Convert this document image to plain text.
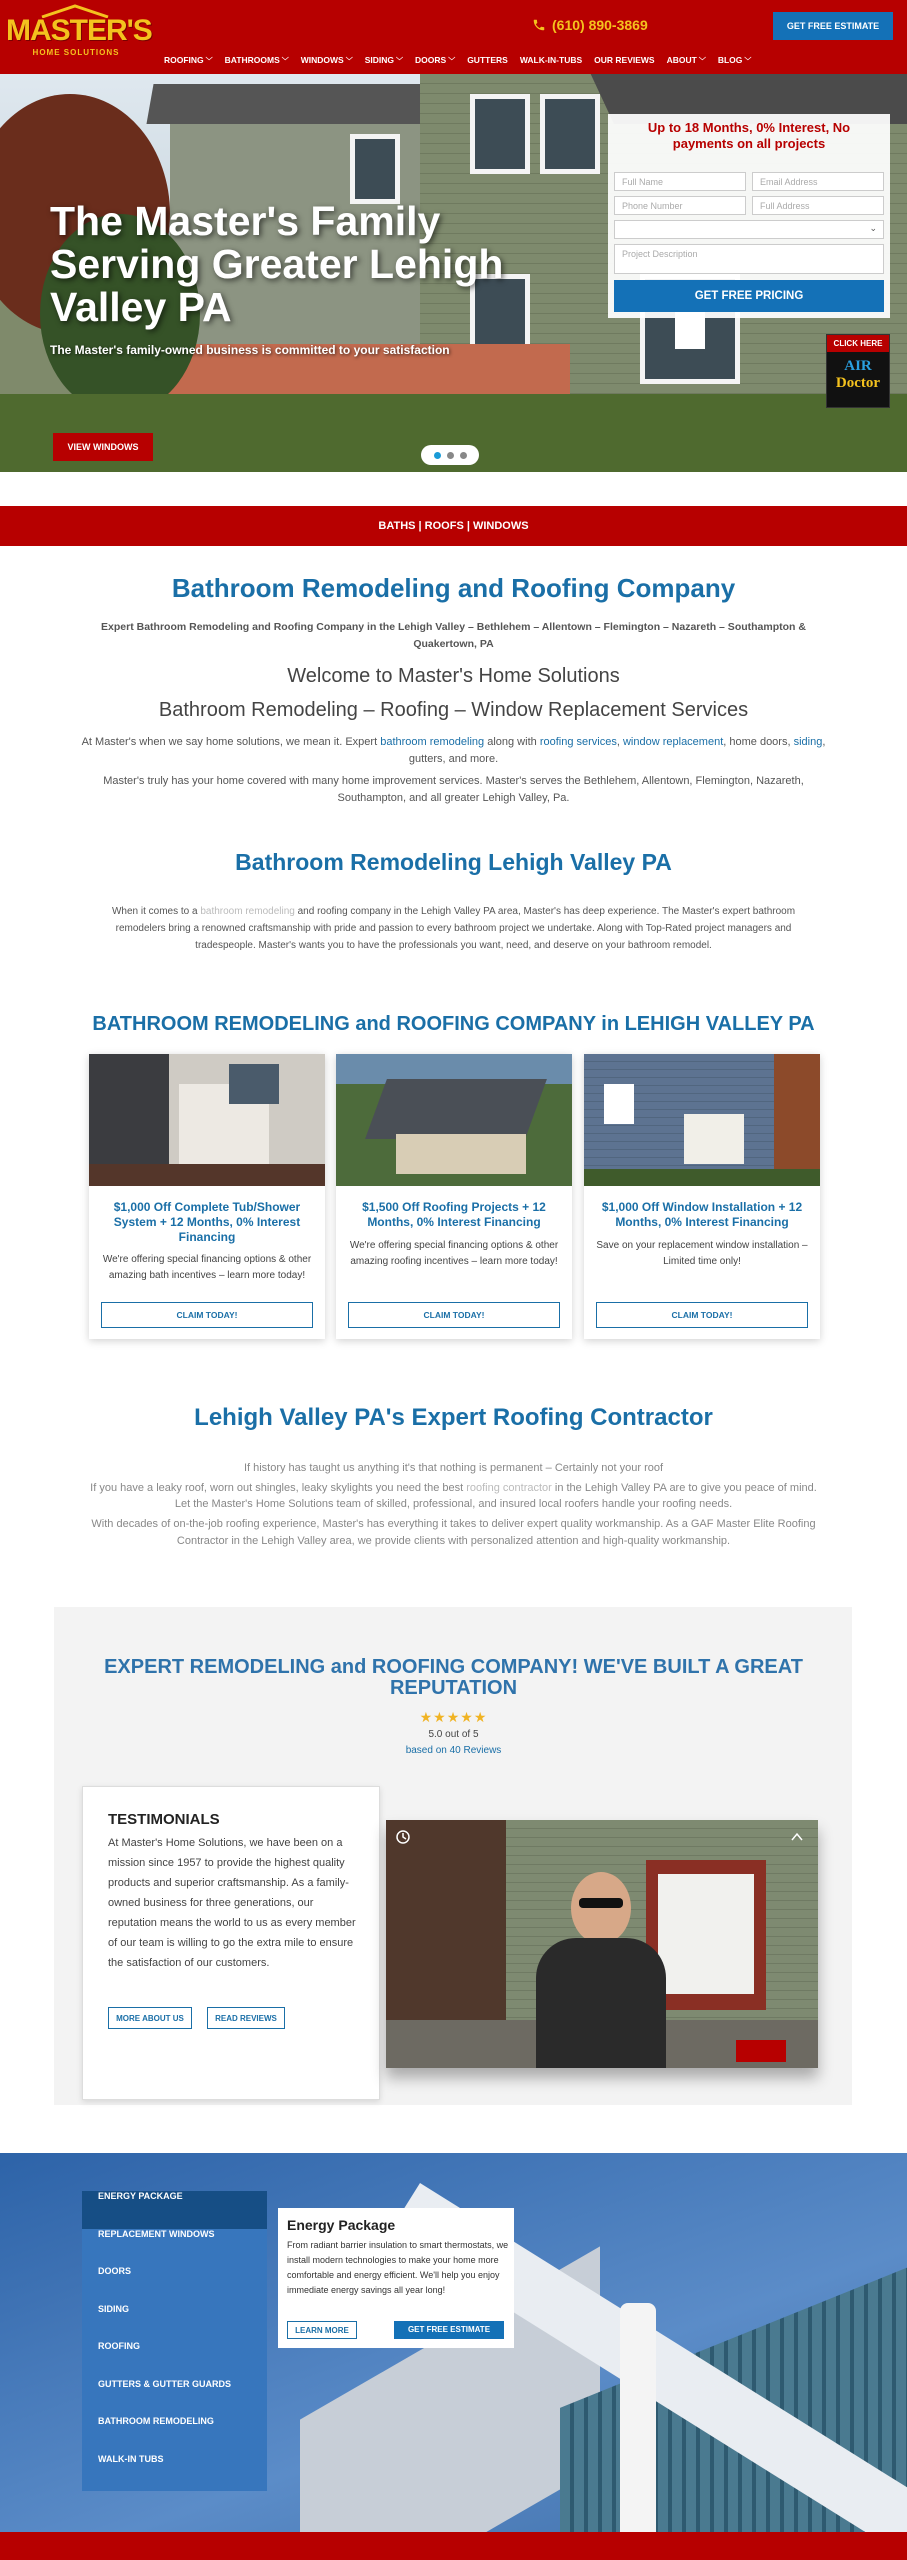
MASTER'S
HOME SOLUTIONS
(610) 890-3869	GET FREE ESTIMATE
ROOFING ﹀	BATHROOMS ﹀	WINDOWS ﹀	SIDING ﹀	DOORS ﹀	GUTTERS	WALK-IN-TUBS	OUR REVIEWS	ABOUT ﹀	BLOG ﹀
The Master's Family Serving Greater Lehigh Valley PA
The Master's family-owned business is committed to your satisfaction
VIEW WINDOWS
Up to 18 Months, 0% Interest, No payments on all projects
Full Name	Email Address
Phone Number	Full Address
⌄
Project Description
GET FREE PRICING
CLICK HERE
AIR
Doctor
BATHS | ROOFS | WINDOWS
Bathroom Remodeling and Roofing Company
Expert Bathroom Remodeling and Roofing Company in the Lehigh Valley – Bethlehem – Allentown – Flemington – Nazareth – Southampton & Quakertown, PA
Welcome to Master's Home Solutions
Bathroom Remodeling – Roofing – Window Replacement Services
At Master's when we say home solutions, we mean it. Expert bathroom remodeling along with roofing services, window replacement, home doors, siding, gutters, and more.
Master's truly has your home covered with many home improvement services. Master's serves the Bethlehem, Allentown, Flemington, Nazareth, Southampton, and all greater Lehigh Valley, Pa.
Bathroom Remodeling Lehigh Valley PA
When it comes to a bathroom remodeling and roofing company in the Lehigh Valley PA area, Master's has deep experience. The Master's expert bathroom remodelers bring a renowned craftsmanship with pride and passion to every bathroom project we undertake. Along with Top-Rated project managers and tradespeople. Master's wants you to have the professionals you want, need, and deserve on your bathroom remodel.
BATHROOM REMODELING and ROOFING COMPANY in LEHIGH VALLEY PA
$1,000 Off Complete Tub/Shower System + 12 Months, 0% Interest Financing
We're offering special financing options & other amazing bath incentives – learn more today!
CLAIM TODAY!
$1,500 Off Roofing Projects + 12 Months, 0% Interest Financing
We're offering special financing options & other amazing roofing incentives – learn more today!
CLAIM TODAY!
$1,000 Off Window Installation + 12 Months, 0% Interest Financing
Save on your replacement window installation – Limited time only!
CLAIM TODAY!
Lehigh Valley PA's Expert Roofing Contractor
If history has taught us anything it's that nothing is permanent – Certainly not your roof
If you have a leaky roof, worn out shingles, leaky skylights you need the best roofing contractor in the Lehigh Valley PA are to give you peace of mind.
Let the Master's Home Solutions team of skilled, professional, and insured local roofers handle your roofing needs.
With decades of on-the-job roofing experience, Master's has everything it takes to deliver expert quality workmanship. As a GAF Master Elite Roofing Contractor in the Lehigh Valley area, we provide clients with personalized attention and high-quality workmanship.
EXPERT REMODELING and ROOFING COMPANY! WE'VE BUILT A GREAT REPUTATION
★★★★★
5.0 out of 5
based on 40 Reviews
TESTIMONIALS
At Master's Home Solutions, we have been on a mission since 1957 to provide the highest quality products and superior craftsmanship. As a family-owned business for three generations, our reputation means the world to us as every member of our team is willing to go the extra mile to ensure the satisfaction of our customers.
MORE ABOUT US	READ REVIEWS
ENERGY PACKAGE
REPLACEMENT WINDOWS
DOORS
SIDING
ROOFING
GUTTERS & GUTTER GUARDS
BATHROOM REMODELING
WALK-IN TUBS
Energy Package
From radiant barrier insulation to smart thermostats, we install modern technologies to make your home more comfortable and energy efficient. We'll help you enjoy immediate energy savings all year long!
LEARN MORE	GET FREE ESTIMATE
